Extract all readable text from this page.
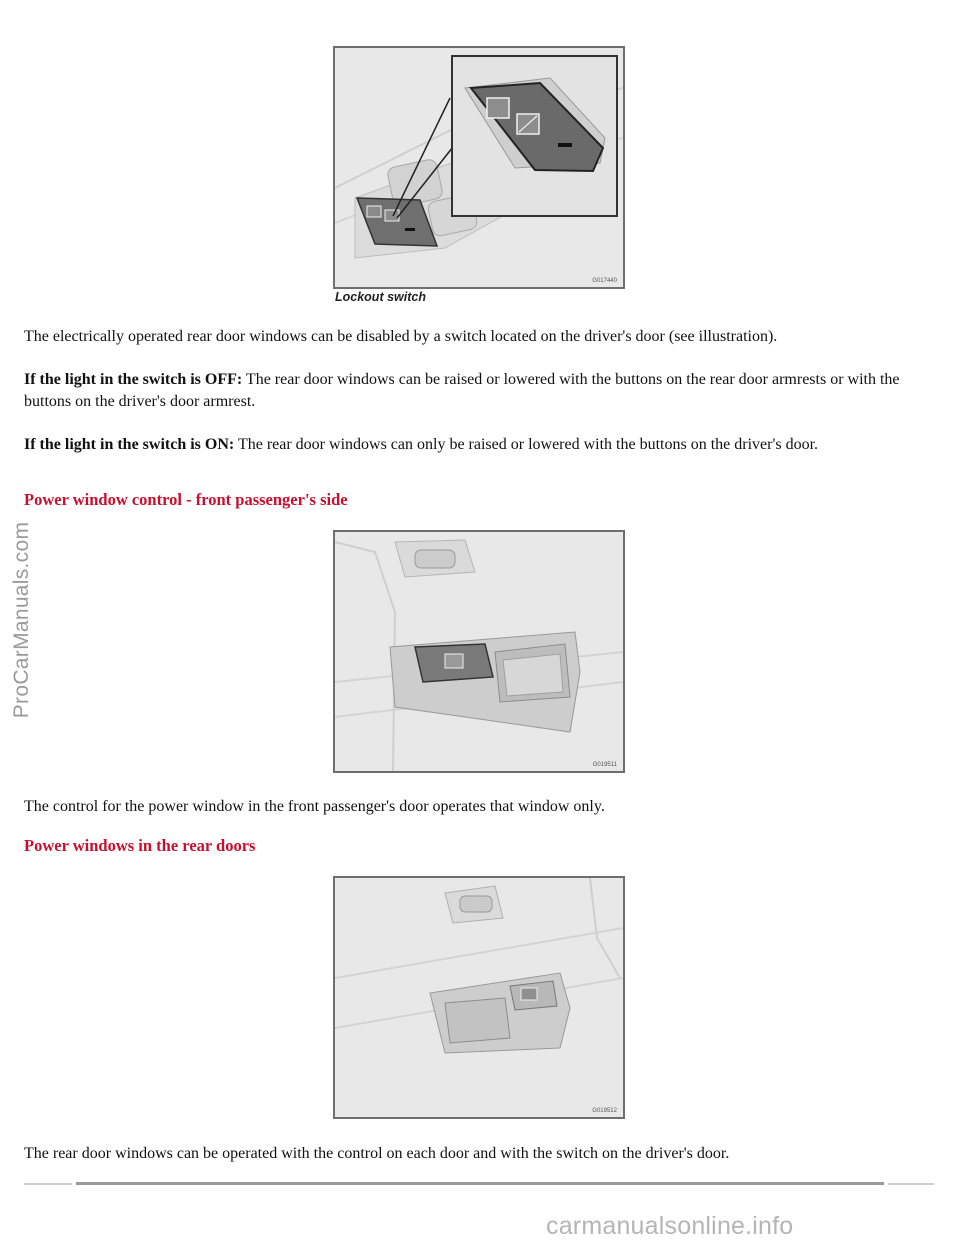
ProCarManuals.com
G017440
Lockout switch

The electrically operated rear door windows can be disabled by a switch located on the driver's door (see illustration).

If the light in the switch is OFF: The rear door windows can be raised or lowered with the buttons on the rear door armrests or with the buttons on the driver's door armrest.

If the light in the switch is ON: The rear door windows can only be raised or lowered with the buttons on the driver's door.

Power window control - front passenger's side
G019511

The control for the power window in the front passenger's door operates that window only.

Power windows in the rear doors
G019512

The rear door windows can be operated with the control on each door and with the switch on the driver's door.

carmanualsonline.info
